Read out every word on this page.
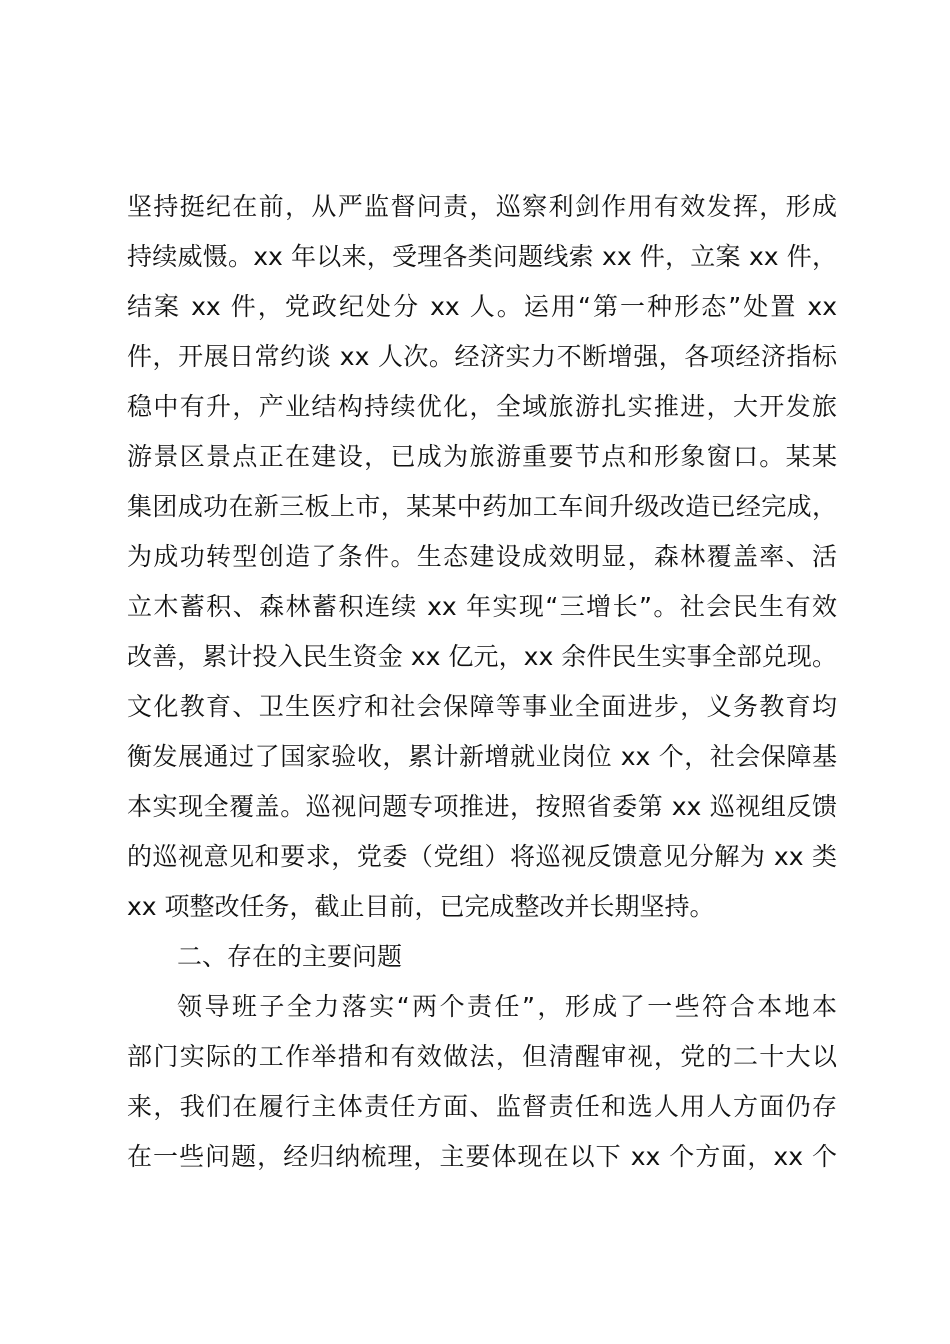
坚持挺纪在前，从严监督问责，巡察利剑作用有效发挥，形成
持续威慑。xx 年以来，受理各类问题线索 xx 件，立案 xx 件，
结案 xx 件，党政纪处分 xx 人。运用“第一种形态”处置 xx
件，开展日常约谈 xx 人次。经济实力不断增强，各项经济指标
稳中有升，产业结构持续优化，全域旅游扎实推进，大开发旅
游景区景点正在建设，已成为旅游重要节点和形象窗口。某某
集团成功在新三板上市，某某中药加工车间升级改造已经完成，
为成功转型创造了条件。生态建设成效明显，森林覆盖率、活
立木蓄积、森林蓄积连续 xx 年实现“三增长”。社会民生有效
改善，累计投入民生资金 xx 亿元，xx 余件民生实事全部兑现。
文化教育、卫生医疗和社会保障等事业全面进步，义务教育均
衡发展通过了国家验收，累计新增就业岗位 xx 个，社会保障基
本实现全覆盖。巡视问题专项推进，按照省委第 xx 巡视组反馈
的巡视意见和要求，党委（党组）将巡视反馈意见分解为 xx 类
xx 项整改任务，截止目前，已完成整改并长期坚持。
二、存在的主要问题
领导班子全力落实“两个责任”，形成了一些符合本地本
部门实际的工作举措和有效做法，但清醒审视，党的二十大以
来，我们在履行主体责任方面、监督责任和选人用人方面仍存
在一些问题，经归纳梳理，主要体现在以下 xx 个方面，xx 个
